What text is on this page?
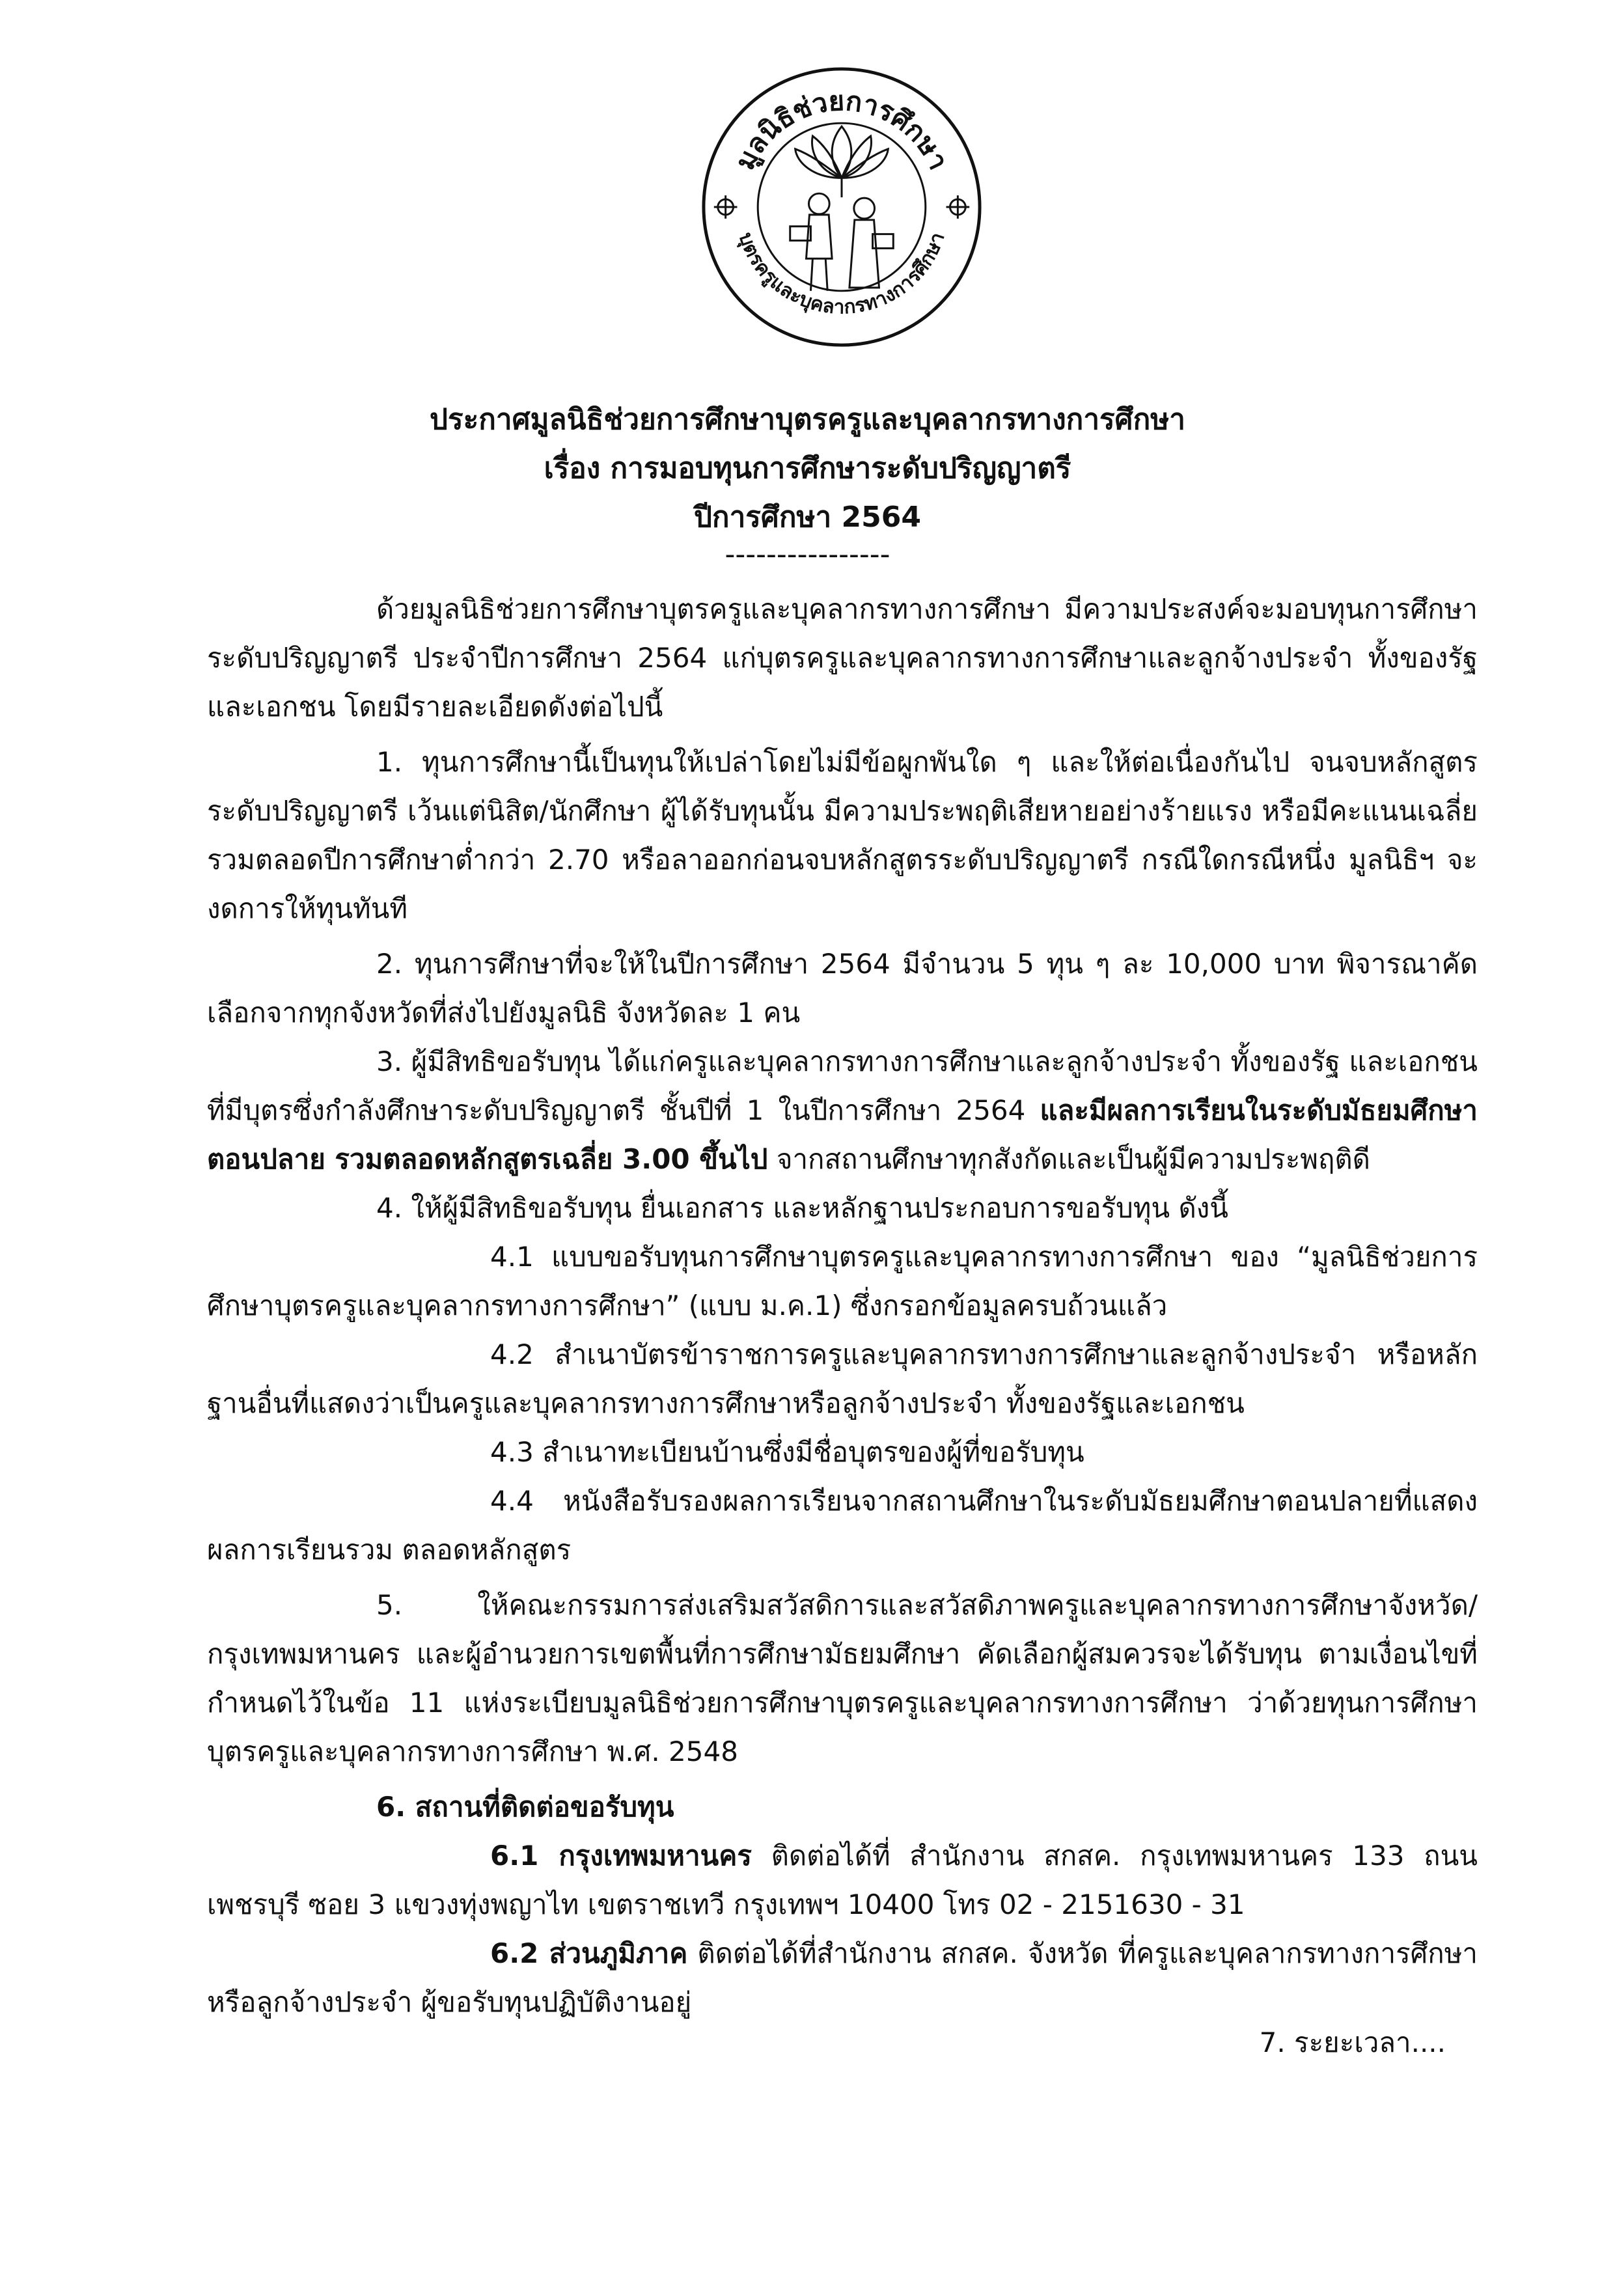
มูลนิธิช่วยการศึกษา
บุตรครูและบุคลากรทางการศึกษา
ประกาศมูลนิธิช่วยการศึกษาบุตรครูและบุคลากรทางการศึกษา
เรื่อง การมอบทุนการศึกษาระดับปริญญาตรี
ปีการศึกษา 2564
----------------

ด้วยมูลนิธิช่วยการศึกษาบุตรครูและบุคลากรทางการศึกษา มีความประสงค์จะมอบทุนการศึกษาระดับปริญญาตรี ประจำปีการศึกษา 2564 แก่บุตรครูและบุคลากรทางการศึกษาและลูกจ้างประจำ ทั้งของรัฐและเอกชน โดยมีรายละเอียดดังต่อไปนี้

1. ทุนการศึกษานี้เป็นทุนให้เปล่าโดยไม่มีข้อผูกพันใด ๆ และให้ต่อเนื่องกันไป จนจบหลักสูตรระดับปริญญาตรี เว้นแต่นิสิต/นักศึกษา ผู้ได้รับทุนนั้น มีความประพฤติเสียหายอย่างร้ายแรง หรือมีคะแนนเฉลี่ยรวมตลอดปีการศึกษาต่ำกว่า 2.70 หรือลาออกก่อนจบหลักสูตรระดับปริญญาตรี กรณีใดกรณีหนึ่ง มูลนิธิฯ จะงดการให้ทุนทันที

2. ทุนการศึกษาที่จะให้ในปีการศึกษา 2564 มีจำนวน 5 ทุน ๆ ละ 10,000 บาท พิจารณาคัดเลือกจากทุกจังหวัดที่ส่งไปยังมูลนิธิ จังหวัดละ 1 คน

3. ผู้มีสิทธิขอรับทุน ได้แก่ครูและบุคลากรทางการศึกษาและลูกจ้างประจำ ทั้งของรัฐ และเอกชน ที่มีบุตรซึ่งกำลังศึกษาระดับปริญญาตรี ชั้นปีที่ 1 ในปีการศึกษา 2564 และมีผลการเรียนในระดับมัธยมศึกษาตอนปลาย รวมตลอดหลักสูตรเฉลี่ย 3.00 ขึ้นไป จากสถานศึกษาทุกสังกัดและเป็นผู้มีความประพฤติดี

4. ให้ผู้มีสิทธิขอรับทุน ยื่นเอกสาร และหลักฐานประกอบการขอรับทุน ดังนี้

4.1 แบบขอรับทุนการศึกษาบุตรครูและบุคลากรทางการศึกษา ของ “มูลนิธิช่วยการศึกษาบุตรครูและบุคลากรทางการศึกษา” (แบบ ม.ค.1) ซึ่งกรอกข้อมูลครบถ้วนแล้ว

4.2 สำเนาบัตรข้าราชการครูและบุคลากรทางการศึกษาและลูกจ้างประจำ หรือหลักฐานอื่นที่แสดงว่าเป็นครูและบุคลากรทางการศึกษาหรือลูกจ้างประจำ ทั้งของรัฐและเอกชน

4.3 สำเนาทะเบียนบ้านซึ่งมีชื่อบุตรของผู้ที่ขอรับทุน

4.4 หนังสือรับรองผลการเรียนจากสถานศึกษาในระดับมัธยมศึกษาตอนปลายที่แสดงผลการเรียนรวม ตลอดหลักสูตร

5. ให้คณะกรรมการส่งเสริมสวัสดิการและสวัสดิภาพครูและบุคลากรทางการศึกษาจังหวัด/กรุงเทพมหานคร และผู้อำนวยการเขตพื้นที่การศึกษามัธยมศึกษา คัดเลือกผู้สมควรจะได้รับทุน ตามเงื่อนไขที่กำหนดไว้ในข้อ 11 แห่งระเบียบมูลนิธิช่วยการศึกษาบุตรครูและบุคลากรทางการศึกษา ว่าด้วยทุนการศึกษาบุตรครูและบุคลากรทางการศึกษา พ.ศ. 2548

6. สถานที่ติดต่อขอรับทุน

6.1 กรุงเทพมหานคร ติดต่อได้ที่ สำนักงาน สกสค. กรุงเทพมหานคร 133 ถนนเพชรบุรี ซอย 3 แขวงทุ่งพญาไท เขตราชเทวี กรุงเทพฯ 10400 โทร 02 - 2151630 - 31

6.2 ส่วนภูมิภาค ติดต่อได้ที่สำนักงาน สกสค. จังหวัด ที่ครูและบุคลากรทางการศึกษาหรือลูกจ้างประจำ ผู้ขอรับทุนปฏิบัติงานอยู่

7. ระยะเวลา....
